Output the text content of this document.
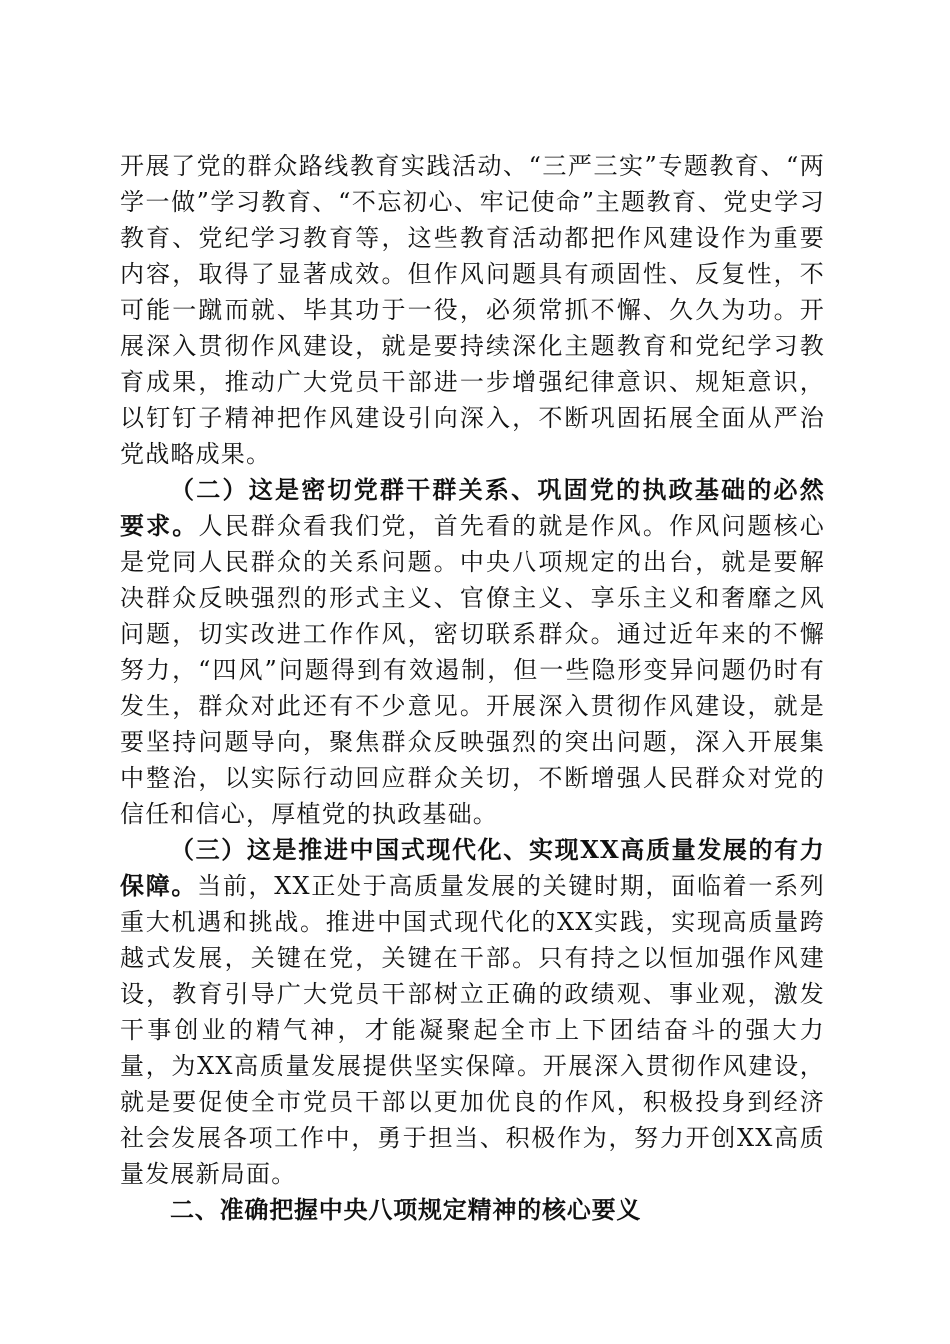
开展了党的群众路线教育实践活动、“三严三实”专题教育、“两学一做”学习教育、“不忘初心、牢记使命”主题教育、党史学习教育、党纪学习教育等，这些教育活动都把作风建设作为重要内容，取得了显著成效。但作风问题具有顽固性、反复性，不可能一蹴而就、毕其功于一役，必须常抓不懈、久久为功。开展深入贯彻作风建设，就是要持续深化主题教育和党纪学习教育成果，推动广大党员干部进一步增强纪律意识、规矩意识，以钉钉子精神把作风建设引向深入，不断巩固拓展全面从严治党战略成果。

（二）这是密切党群干群关系、巩固党的执政基础的必然要求。人民群众看我们党，首先看的就是作风。作风问题核心是党同人民群众的关系问题。中央八项规定的出台，就是要解决群众反映强烈的形式主义、官僚主义、享乐主义和奢靡之风问题，切实改进工作作风，密切联系群众。通过近年来的不懈努力，“四风”问题得到有效遏制，但一些隐形变异问题仍时有发生，群众对此还有不少意见。开展深入贯彻作风建设，就是要坚持问题导向，聚焦群众反映强烈的突出问题，深入开展集中整治，以实际行动回应群众关切，不断增强人民群众对党的信任和信心，厚植党的执政基础。

（三）这是推进中国式现代化、实现XX高质量发展的有力保障。当前，XX正处于高质量发展的关键时期，面临着一系列重大机遇和挑战。推进中国式现代化的XX实践，实现高质量跨越式发展，关键在党，关键在干部。只有持之以恒加强作风建设，教育引导广大党员干部树立正确的政绩观、事业观，激发干事创业的精气神，才能凝聚起全市上下团结奋斗的强大力量，为XX高质量发展提供坚实保障。开展深入贯彻作风建设，就是要促使全市党员干部以更加优良的作风，积极投身到经济社会发展各项工作中，勇于担当、积极作为，努力开创XX高质量发展新局面。

二、准确把握中央八项规定精神的核心要义
